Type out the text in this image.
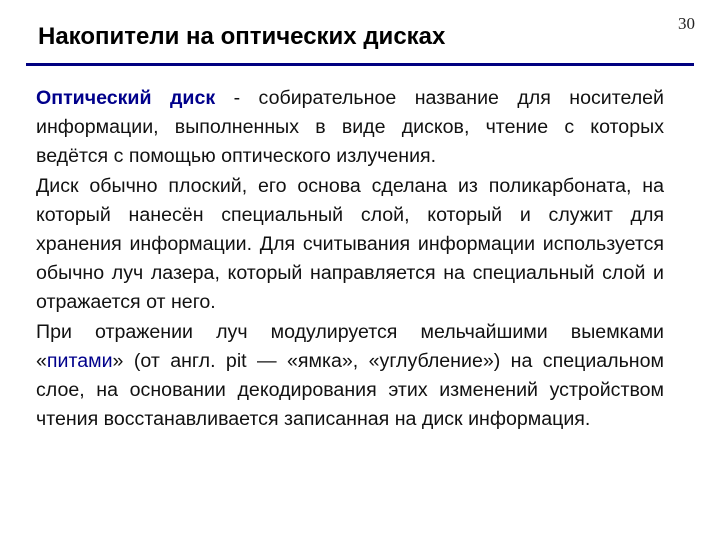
30
Накопители на оптических дисках

Оптический диск - собирательное название для носителей информации, выполненных в виде дисков, чтение с которых ведётся с помощью оптического излучения.

Диск обычно плоский, его основа сделана из поликарбоната, на который нанесён специальный слой, который и служит для хранения информации. Для считывания информации используется обычно луч лазера, который направляется на специальный слой и отражается от него.

При отражении луч модулируется мельчайшими выемками «питами» (от англ. pit — «ямка», «углубление») на специальном слое, на основании декодирования этих изменений устройством чтения восстанавливается записанная на диск информация.
